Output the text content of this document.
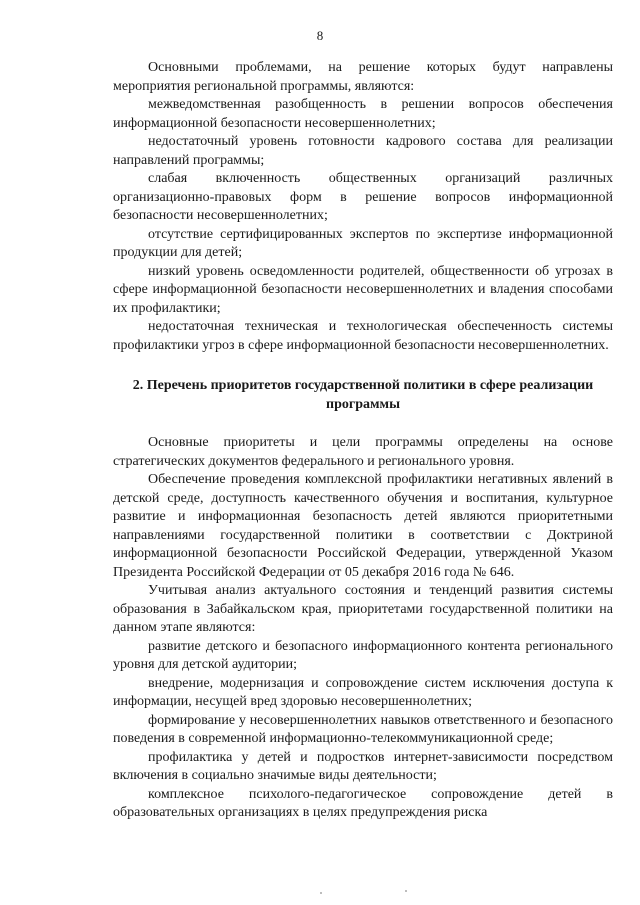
8

Основными проблемами, на решение которых будут направлены мероприятия региональной программы, являются:

межведомственная разобщенность в решении вопросов обеспечения информационной безопасности несовершеннолетних;

недостаточный уровень готовности кадрового состава для реализации направлений программы;

слабая включенность общественных организаций различных организационно-правовых форм в решение вопросов информационной безопасности несовершеннолетних;

отсутствие сертифицированных экспертов по экспертизе информационной продукции для детей;

низкий уровень осведомленности родителей, общественности об угрозах в сфере информационной безопасности несовершеннолетних и владения способами их профилактики;

недостаточная техническая и технологическая обеспеченность системы профилактики угроз в сфере информационной безопасности несовершеннолетних.

2. Перечень приоритетов государственной политики в сфере реализации программы

Основные приоритеты и цели программы определены на основе стратегических документов федерального и регионального уровня.

Обеспечение проведения комплексной профилактики негативных явлений в детской среде, доступность качественного обучения и воспитания, культурное развитие и информационная безопасность детей являются приоритетными направлениями государственной политики в соответствии с Доктриной информационной безопасности Российской Федерации, утвержденной Указом Президента Российской Федерации от 05 декабря 2016 года № 646.

Учитывая анализ актуального состояния и тенденций развития системы образования в Забайкальском края, приоритетами государственной политики на данном этапе являются:

развитие детского и безопасного информационного контента регионального уровня для детской аудитории;

внедрение, модернизация и сопровождение систем исключения доступа к информации, несущей вред здоровью несовершеннолетних;

формирование у несовершеннолетних навыков ответственного и безопасного поведения в современной информационно-телекоммуникационной среде;

профилактика у детей и подростков интернет-зависимости посредством включения в социально значимые виды деятельности;

комплексное психолого-педагогическое сопровождение детей в образовательных организациях в целях предупреждения риска
